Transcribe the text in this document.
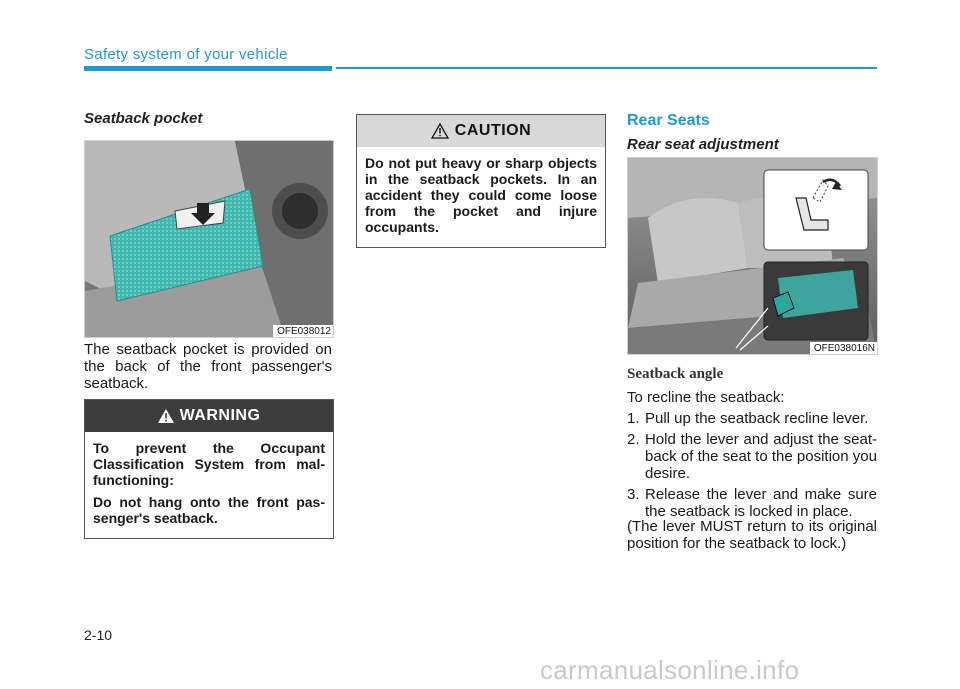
Safety system of your vehicle
Seatback pocket
OFE038012
The seatback pocket is provided on the back of the front passenger's seatback.
WARNING

To prevent the Occupant Classification System from mal-functioning:

Do not hang onto the front pas-senger's seatback.

CAUTION

Do not put heavy or sharp objects in the seatback pockets. In an accident they could come loose from the pocket and injure occupants.

Rear Seats
Rear seat adjustment
OFE038016N
Seatback angle
To recline the seatback:
1. Pull up the seatback recline lever.
2. Hold the lever and adjust the seat-back of the seat to the position you desire.
3. Release the lever and make sure the seatback is locked in place.
(The lever MUST return to its original position for the seatback to lock.)
2-10
carmanualsonline.info
